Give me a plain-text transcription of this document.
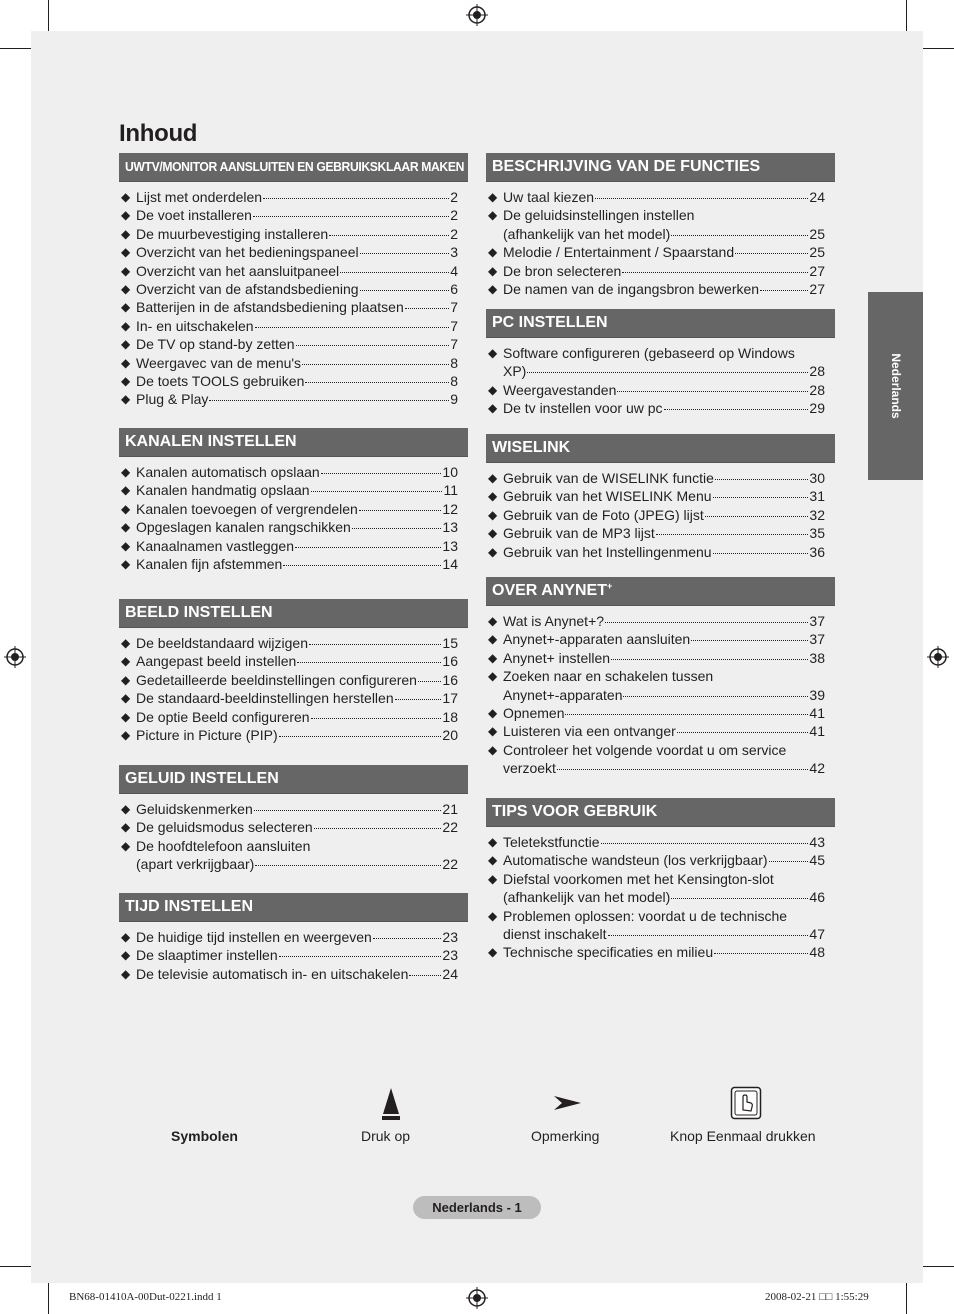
Inhoud
UWTV/MONITOR AANSLUITEN EN GEBRUIKSKLAAR MAKEN
◆ Lijst met onderdelen	2
◆ De voet installeren	2
◆ De muurbevestiging installeren	2
◆ Overzicht van het bedieningspaneel	3
◆ Overzicht van het aansluitpaneel	4
◆ Overzicht van de afstandsbediening	6
◆ Batterijen in de afstandsbediening plaatsen	7
◆ In- en uitschakelen	7
◆ De TV op stand-by zetten	7
◆ Weergavec van de menu's	8
◆ De toets TOOLS gebruiken	8
◆ Plug & Play	9
KANALEN INSTELLEN
◆ Kanalen automatisch opslaan	10
◆ Kanalen handmatig opslaan	11
◆ Kanalen toevoegen of vergrendelen	12
◆ Opgeslagen kanalen rangschikken	13
◆ Kanaalnamen vastleggen	13
◆ Kanalen fijn afstemmen	14
BEELD INSTELLEN
◆ De beeldstandaard wijzigen	15
◆ Aangepast beeld instellen	16
◆ Gedetailleerde beeldinstellingen configureren 16
◆ De standaard-beeldinstellingen herstellen	17
◆ De optie Beeld configureren	18
◆ Picture in Picture (PIP)	20
GELUID INSTELLEN
◆ Geluidskenmerken	21
◆ De geluidsmodus selecteren	22
◆ De hoofdtelefoon aansluiten
(apart verkrijgbaar)	22
TIJD INSTELLEN
◆ De huidige tijd instellen en weergeven	23
◆ De slaaptimer instellen	23
◆ De televisie automatisch in- en uitschakelen 24
BESCHRIJVING VAN DE FUNCTIES
◆ Uw taal kiezen	24
◆ De geluidsinstellingen instellen
(afhankelijk van het model)	25
◆ Melodie / Entertainment / Spaarstand	25
◆ De bron selecteren	27
◆ De namen van de ingangsbron bewerken	27
PC INSTELLEN
◆ Software configureren (gebaseerd op Windows
XP)	28
◆ Weergavestanden	28
◆ De tv instellen voor uw pc	29
WISELINK
◆ Gebruik van de WISELINK functie	30
◆ Gebruik van het WISELINK Menu	31
◆ Gebruik van de Foto (JPEG) lijst	32
◆ Gebruik van de MP3 lijst	35
◆ Gebruik van het Instellingenmenu	36
OVER ANYNET+
◆ Wat is Anynet+?	37
◆ Anynet+-apparaten aansluiten	37
◆ Anynet+ instellen	38
◆ Zoeken naar en schakelen tussen
Anynet+-apparaten	39
◆ Opnemen	41
◆ Luisteren via een ontvanger	41
◆ Controleer het volgende voordat u om service
verzoekt	42
TIPS VOOR GEBRUIK
◆ Teletekstfunctie	43
◆ Automatische wandsteun (los verkrijgbaar)	45
◆ Diefstal voorkomen met het Kensington-slot
(afhankelijk van het model)	46
◆ Problemen oplossen: voordat u de technische
dienst inschakelt	47
◆ Technische specificaties en milieu	48
Nederlands
Symbolen	Druk op	Opmerking	Knop Eenmaal drukken
Nederlands - 1
BN68-01410A-00Dut-0221.indd 1	2008-02-21 □□ 1:55:29
